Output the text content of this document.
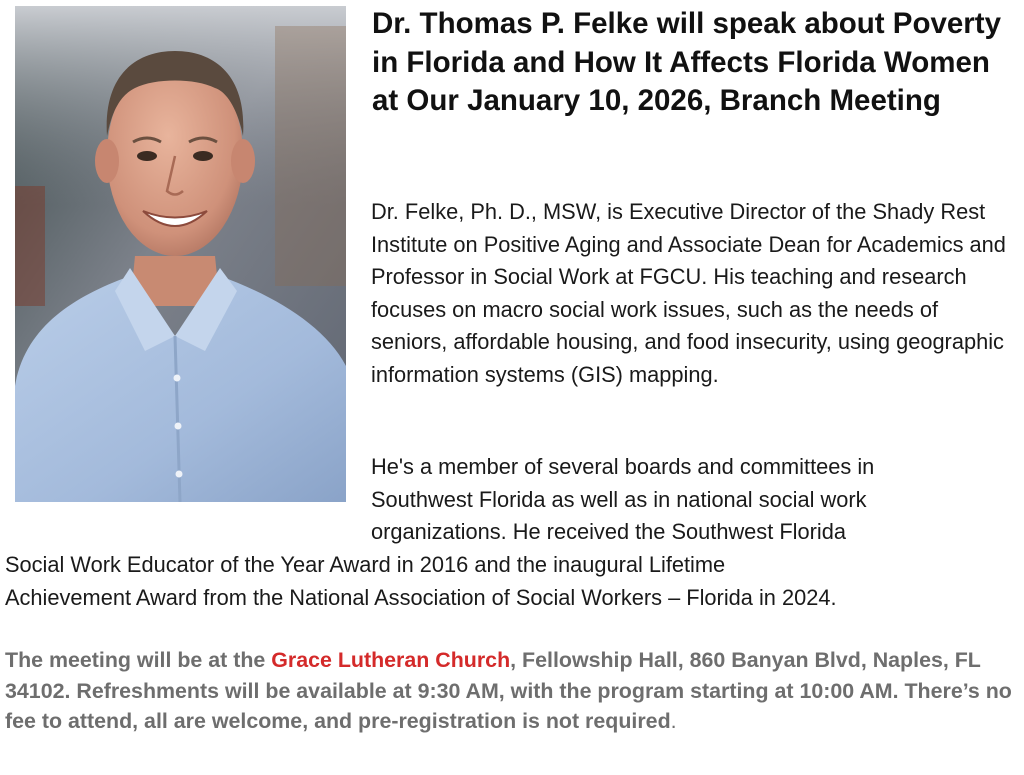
Dr. Thomas P. Felke will speak about Poverty in Florida and How It Affects Florida Women at Our January 10, 2026, Branch Meeting

Dr. Felke, Ph. D., MSW, is Executive Director of the Shady Rest Institute on Positive Aging and Associate Dean for Academics and Professor in Social Work at FGCU. His teaching and research focuses on macro social work issues, such as the needs of seniors, affordable housing, and food insecurity, using geographic information systems (GIS) mapping.

He's a member of several boards and committees in
Southwest Florida as well as in national social work
organizations. He received the Southwest Florida
Social Work Educator of the Year Award in 2016 and the inaugural Lifetime
Achievement Award from the National Association of Social Workers – Florida in 2024.

The meeting will be at the Grace Lutheran Church, Fellowship Hall, 860 Banyan Blvd, Naples, FL 34102. Refreshments will be available at 9:30 AM, with the program starting at 10:00 AM. There’s no fee to attend, all are welcome, and pre-registration is not required.
